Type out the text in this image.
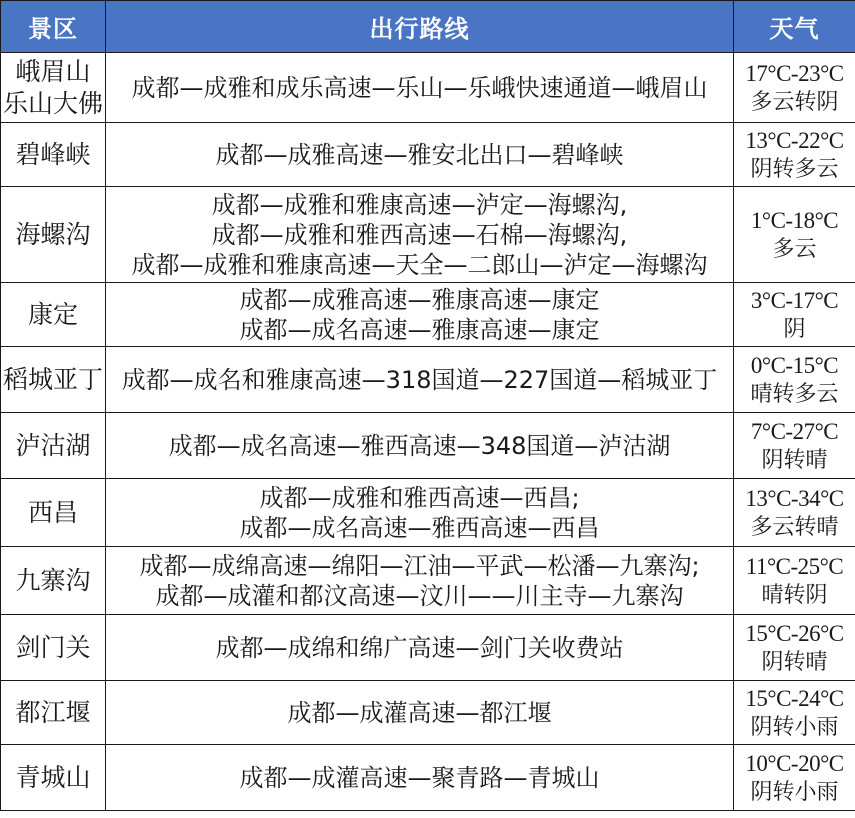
景区	出行路线	天气

峨眉山
乐山大佛	成都—成雅和成乐高速—乐山—乐峨快速通道—峨眉山	17°C-23°C
多云转阴

碧峰峡	成都—成雅高速—雅安北出口—碧峰峡	13°C-22°C
阴转多云

海螺沟	成都—成雅和雅康高速—泸定—海螺沟,
成都—成雅和雅西高速—石棉—海螺沟,
成都—成雅和雅康高速—天全—二郎山—泸定—海螺沟	1°C-18°C
多云

康定	成都—成雅高速—雅康高速—康定
成都—成名高速—雅康高速—康定	3°C-17°C
阴

稻城亚丁	成都—成名和雅康高速—318国道—227国道—稻城亚丁	0°C-15°C
晴转多云

泸沽湖	成都—成名高速—雅西高速—348国道—泸沽湖	7°C-27°C
阴转晴

西昌	成都—成雅和雅西高速—西昌;
成都—成名高速—雅西高速—西昌	13°C-34°C
多云转晴

九寨沟	成都—成绵高速—绵阳—江油—平武—松潘—九寨沟;
成都—成灌和都汶高速—汶川——川主寺—九寨沟	11°C-25°C
晴转阴

剑门关	成都—成绵和绵广高速—剑门关收费站	15°C-26°C
阴转晴

都江堰	成都—成灌高速—都江堰	15°C-24°C
阴转小雨

青城山	成都—成灌高速—聚青路—青城山	10°C-20°C
阴转小雨
